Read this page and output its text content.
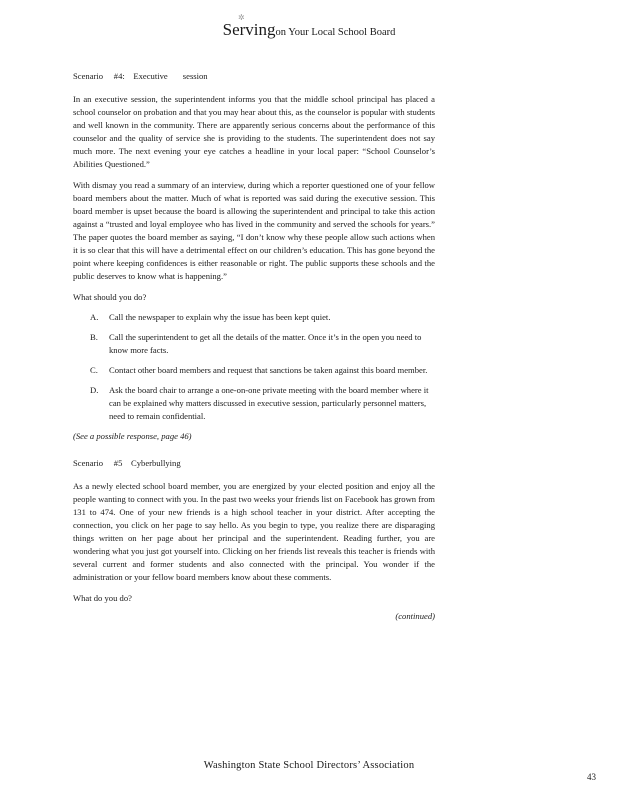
Servingon Your Local School Board
✲
Scenario     #4:    Executive       session

In an executive session, the superintendent informs you that the middle school principal has placed a school counselor on probation and that you may hear about this, as the counselor is popular with students and well known in the community. There are apparently serious concerns about the performance of this counselor and the quality of service she is providing to the students. The superintendent does not say much more. The next evening your eye catches a headline in your local paper: “School Counselor’s Abilities Questioned.”

With dismay you read a summary of an interview, during which a reporter questioned one of your fellow board members about the matter. Much of what is reported was said during the executive session. This board member is upset because the board is allowing the superintendent and principal to take this action against a “trusted and loyal employee who has lived in the community and served the schools for years.” The paper quotes the board member as saying, “I don’t know why these people allow such actions when it is so clear that this will have a detrimental effect on our children’s education. This has gone beyond the point where keeping confidences is either reasonable or right. The public supports these schools and the public deserves to know what is happening.”

What should you do?
A. Call the newspaper to explain why the issue has been kept quiet.
B. Call the superintendent to get all the details of the matter. Once it’s in the open you need to know more facts.
C. Contact other board members and request that sanctions be taken against this board member.
D. Ask the board chair to arrange a one-on-one private meeting with the board member where it can be explained why matters discussed in executive session, particularly personnel matters, need to remain confidential.
(See a possible response, page 46)
Scenario     #5    Cyberbullying

As a newly elected school board member, you are energized by your elected position and enjoy all the people wanting to connect with you. In the past two weeks your friends list on Facebook has grown from 131 to 474. One of your new friends is a high school teacher in your district. After accepting the connection, you click on her page to say hello. As you begin to type, you realize there are disparaging things written on her page about her principal and the superintendent. Reading further, you are wondering what you just got yourself into. Clicking on her friends list reveals this teacher is friends with several current and former students and also connected with the principal. You wonder if the administration or your fellow board members know about these comments.

What do you do?
(continued)
Washington State School Directors’ Association
43
